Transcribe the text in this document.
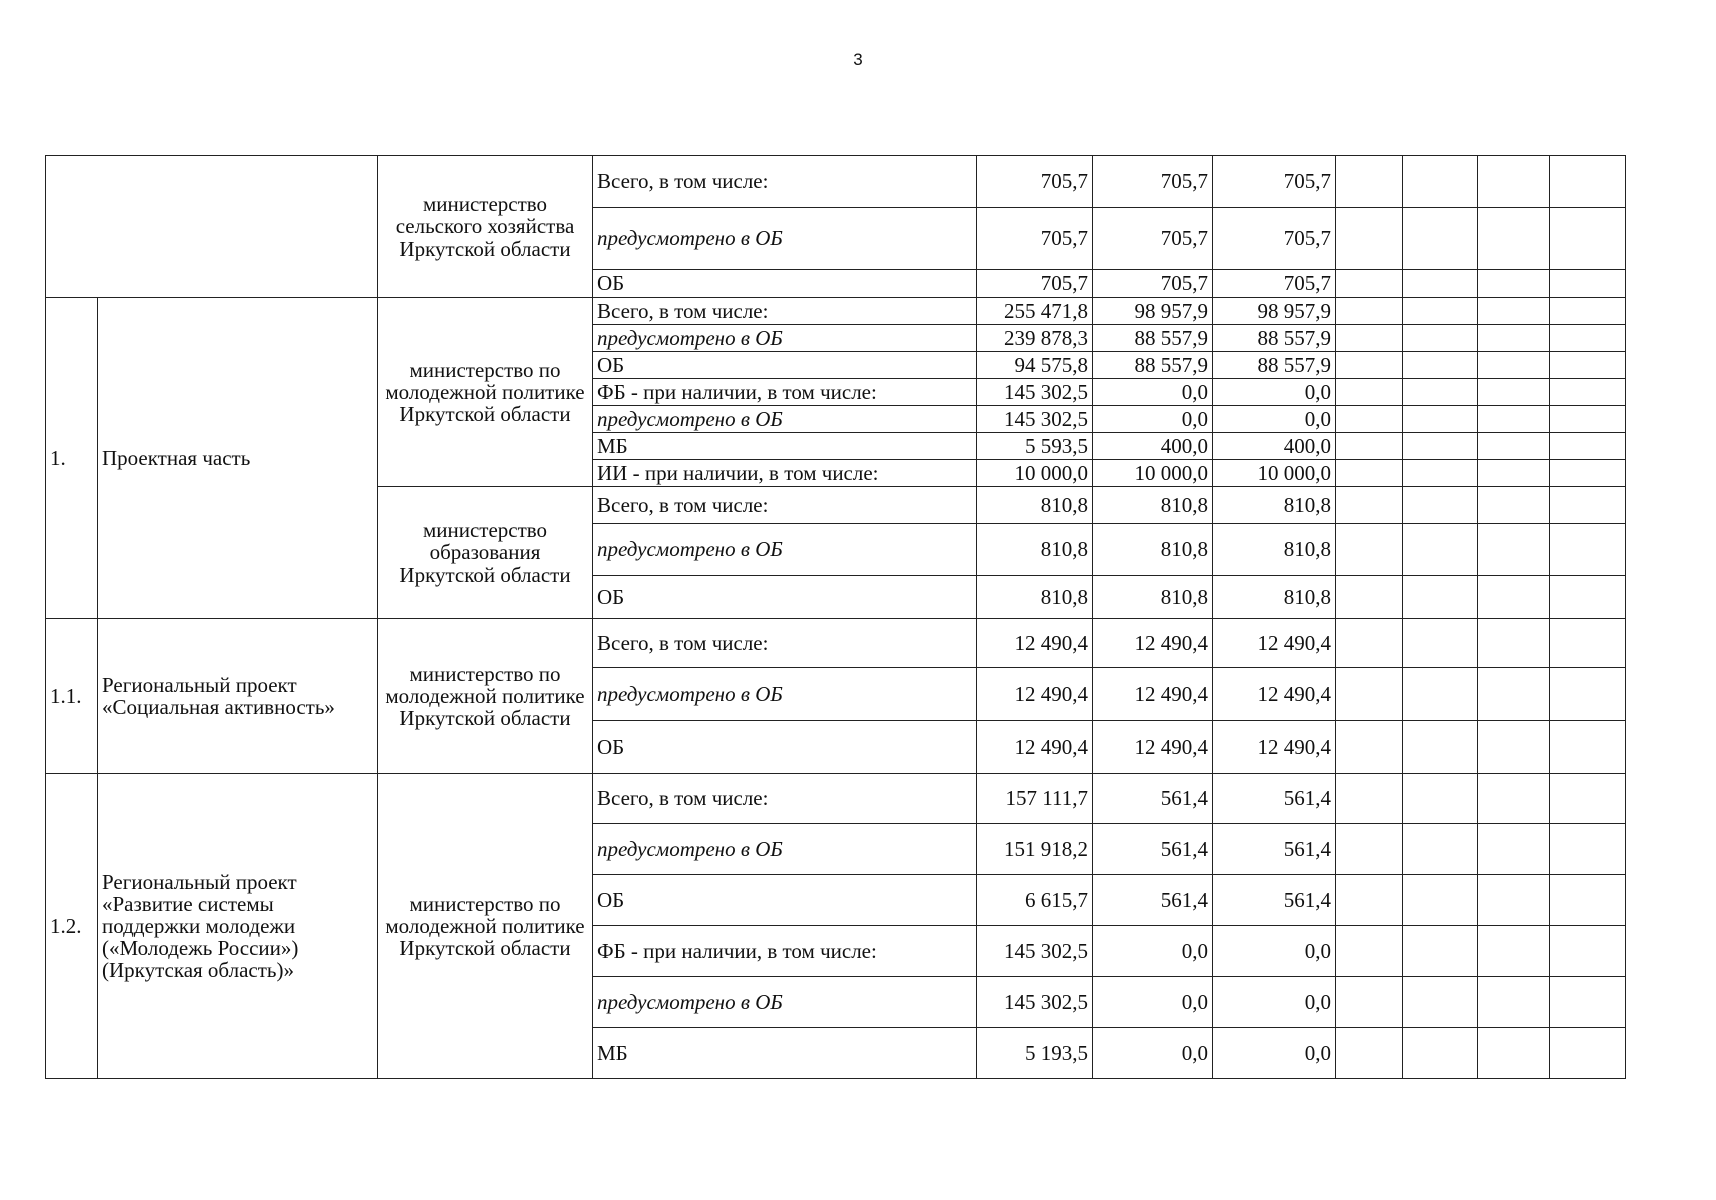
3
		министерство сельского хозяйства Иркутской области	Всего, в том числе:	705,7	705,7	705,7				
			предусмотрено в ОБ	705,7	705,7	705,7				
			ОБ	705,7	705,7	705,7				
1.	Проектная часть	министерство по молодежной политике Иркутской области	Всего, в том числе:	255 471,8	98 957,9	98 957,9				
			предусмотрено в ОБ	239 878,3	88 557,9	88 557,9				
			ОБ	94 575,8	88 557,9	88 557,9				
			ФБ - при наличии, в том числе:	145 302,5	0,0	0,0				
			предусмотрено в ОБ	145 302,5	0,0	0,0				
			МБ	5 593,5	400,0	400,0				
			ИИ - при наличии, в том числе:	10 000,0	10 000,0	10 000,0				
		министерство образования Иркутской области	Всего, в том числе:	810,8	810,8	810,8				
			предусмотрено в ОБ	810,8	810,8	810,8				
			ОБ	810,8	810,8	810,8				
1.1.	Региональный проект «Социальная активность»	министерство по молодежной политике Иркутской области	Всего, в том числе:	12 490,4	12 490,4	12 490,4				
			предусмотрено в ОБ	12 490,4	12 490,4	12 490,4				
			ОБ	12 490,4	12 490,4	12 490,4				
1.2.	Региональный проект «Развитие системы поддержки молодежи («Молодежь России») (Иркутская область)»	министерство по молодежной политике Иркутской области	Всего, в том числе:	157 111,7	561,4	561,4				
			предусмотрено в ОБ	151 918,2	561,4	561,4				
			ОБ	6 615,7	561,4	561,4				
			ФБ - при наличии, в том числе:	145 302,5	0,0	0,0				
			предусмотрено в ОБ	145 302,5	0,0	0,0				
			МБ	5 193,5	0,0	0,0				
